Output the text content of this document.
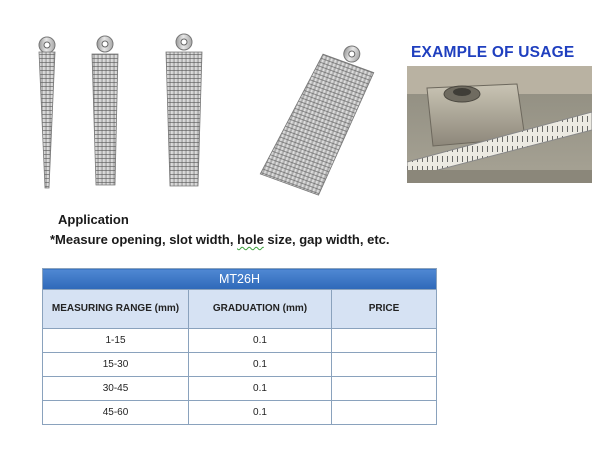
EXAMPLE OF USAGE
Application
*Measure opening, slot width, hole size, gap width, etc.
MT26H		
MEASURING RANGE (mm)	GRADUATION (mm)	PRICE
1-15	0.1	
15-30	0.1	
30-45	0.1	
45-60	0.1	
